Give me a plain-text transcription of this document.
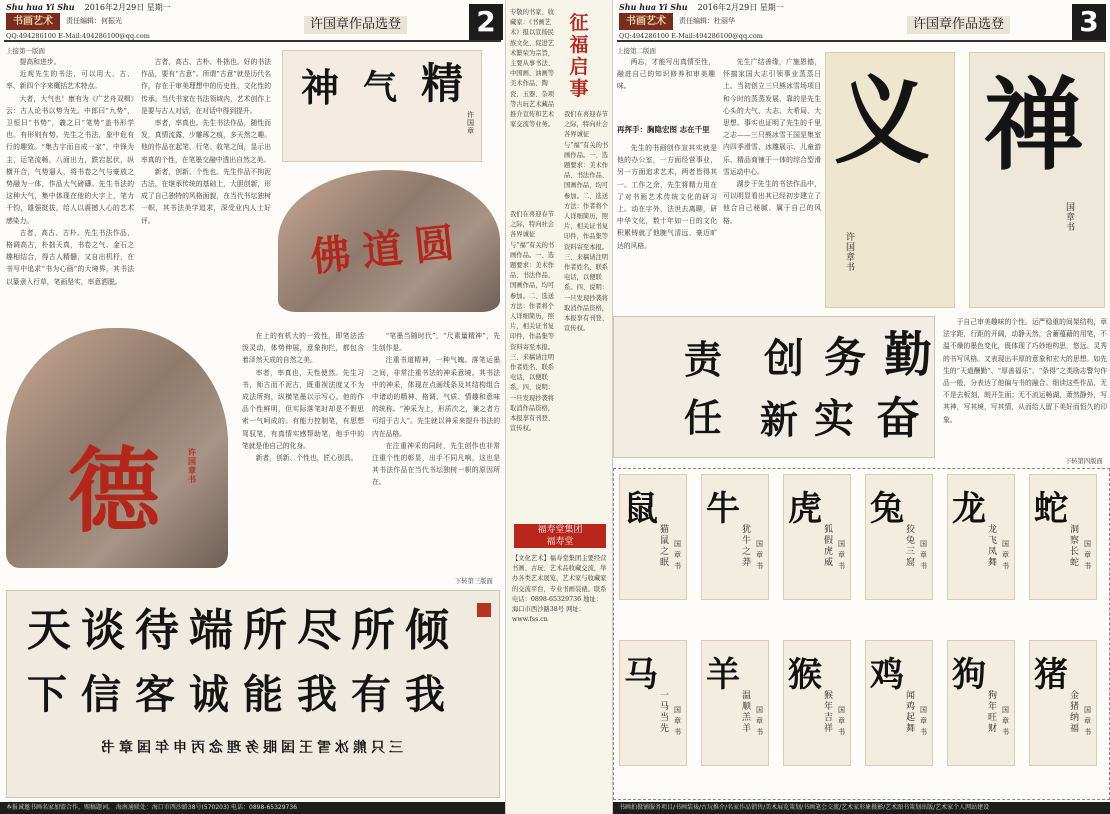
Shu hua Yi Shu 2016年2月29日 星期一
书画艺术	责任编辑：何振光
QQ:494286100 E-Mail:494286100@qq.com
许国章作品选登	2
上接第一版面

提高和进步。

近观先生的书法，可以用大、古、率、新四个字来概括艺术特点。

大者，大气也！康有为《广艺舟双楫》云：古人论书以势为先。中郎曰“九势”，卫恒曰“书势”，羲之曰“笔势”盖书形学也。有形则有势。先生之书法，象中危有行的趣致。“集古字而自成一家”，中锋为主，运笔流畅，八面出力，跌宕起伏、纵横开合，气势逼人，将书卷之气与豪放之势融为一体，作品大气磅礴。先生书法的这种大气，集中体现在他的大字上，笔力千钧，雄强挺拔，给人以震撼人心的艺术感染力。

古者，高古、古朴。先生书法作品，格调高古，朴拙天真，书卷之气、金石之趣相结合，得古人精髓，又自出机杼，在书写中追求“书为心画”的大境界，其书法以篆隶入行草，笔画坚实，率意洒脱。

古者，高古、古朴、朴拙也。好的书法作品，要有“古意”。所谓“古意”就是历代名作，存在于审美理想中的历史性、文化性的传承。当代书家在书法领域内，艺术创作上是要与古人对话，在对话中得到提升。

率者，率真也。先生书法作品，随性而发，真情流露，少雕琢之痕，多天然之趣。他的作品在起笔、行笔、收笔之间，显示出率真的个性，在笔墨交融中透出自然之美。

新者，创新、个性也。先生作品不拘泥古法，在继承传统的基础上，大胆创新，形成了自己独特的风格面貌，在当代书坛独树一帜，其书法美学追求，深受业内人士好评。

神 气 精
许国章
佛道圆
德	许国章书

在上的有机大的一致性，即笔法活泼灵动，体势伸展，意象拘拦，都包含着泽然天成的自然之美。

率者，率真也，天性使然。先生习书，师古而不泥古，既重视法度又不为成法所拘，纵横笔墨以示写心。他的作品个性鲜明，但实际落笔时却是不假思索一气呵成的。有能力控制笔，有思想驾驭笔，有真情实感帮助笔，他手中的笔就是他自己的化身。

新者，创新、个性也，匠心别具。

“笔墨当随时代”，“尺素量精神”，先生创作是。

注重书道精神，一种气魄。落笔运墨之间，非常注重书法的神采意境。其书法中的神采，体现在点画线条及其结构组合中诸动的精神、格调、气质、情趣和意味的统称。“神采为上，形质次之，兼之者方可绍于古人”。先生就以神采来提升书法的内在品格。

在注重神采的同时，先生创作也非常注重个性的彰显，出手不同凡响，这也是其书法作品在当代书坛独树一帜的原因所在。

下转第三版面
天谈待端所尽所倾
下信客诚能我有我
三只熊冰雪王国眼务理念丙申年国章书
本报诚邀书画名家加盟合作，赐稿题词。 海南通联处：海口市西沙路38号(570203) 电话：0898-65329736
专敬的书家、收藏家：《书画艺术》报以宣扬民族文化、促进艺术繁荣为宗旨，主要从事书法、中国画、油画等美术作品、陶瓷、玉器、杂项等古玩艺术藏品推介宣传和艺术家交流等业务。
征
福
启
事
我们在喜迎春节之际，特向社会各界诚征与“福”有关的书画作品。一、选题要求：美术作品、书法作品、国画作品，均可参加。二、选送方法：作者将个人详细简历，照片，相关证书复印件，作品集等资料寄至本报。三、来稿请注明作者姓名、联系电话，以便联系。四、说明：一旦发现抄袭将取消作品资格，本报享有刊登、宣传权。
我们在喜迎春节之际，特向社会各界诚征与“福”有关的书画作品。一、选题要求：美术作品、书法作品、国画作品，均可参加。二、选送方法：作者将个人详细简历，照片，相关证书复印件，作品集等资料寄至本报。三、来稿请注明作者姓名、联系电话，以便联系。四、说明：一旦发现抄袭将取消作品资格，本报享有刊登、宣传权。
福寿堂集团
福寿堂
【文化艺术】福寿堂集团主要经营书画、古玩、艺术品收藏交流，举办各类艺术展览，艺术家与收藏家的交流平台，专业书画装裱。联系电话：0898-65329736 地址：海口市西沙路38号 网址：www.fss.cn
Shu hua Yi Shu 2016年2月29日 星期一
书画艺术	责任编辑：杜丽华
QQ:494286100 E-Mail:494286100@qq.com
许国章作品选登	3
上接第二版面

两忘，才能写出真情至性，融进自己的知识修养和审美趣味。

再挥手：胸隐宏图 志在千里

先生的书画创作宣其实就是他的办公室，一方面经营事业，另一方面追求艺术，两者皆得其一。工作之余，先生将精力用在了对书画艺术传统文化的研习上。动在字外，法世去离聊，研中华文化，数十年如一日的文化积累铸就了他腕气清远、豪迈旷达的风格。

先生广结善缘，广施恩德，怀揣家国大志引领事业蒸蒸日上。当初创立三只熊冰雪场项目和今时的蒸蒸发展，靠的是先生心头的大气、大志、大希局、大思想。事实也证明了先生的千里之志——三只熊冰雪王国是集室内四季滑雪、冰雕展示、儿童游乐、精品商铺于一体的综合型滑雪运动中心。

湖步于先生的书法作品中，可以明显看出其已经初步建立了他合自己秘腻、属于自己的风格。

义
许国章书
禅
国章书
勤
务
创
责
奋
实
新
任

于自己审美趣味的个性。运严稳重的间架结构，章法字距，行距的开阔，动静天然，含蓄蕴藉的用笔，不温不燥的墨色变化，既体现了巧妙地构思，悠远、灵秀的书写风格。又表现出丰厚的意象和宏大的思想。如先生的“天道酬勤”、“厚善福乐”、“条得”之类励志警句作品一般，分表达了他偏与书的融合。细读这些作品，无不是去板刻，朗开生面；无不流运畅湖，萧然静外，写其神，写其境，写其情，从而给人留下美好而恒久的印象。

下转第四版面
鼠
猫鼠之眠
国章书
牛
犹牛之莽
国章书
虎
狐假虎威
国章书
兔
狡兔三窟
国章书
龙
龙飞凤舞
国章书
蛇
洞察长蛇
国章书
马
一马当先
国章书
羊
温顺羔羊
国章书
猴
猴年吉祥
国章书
鸡
闻鸡起舞
国章书
狗
狗年旺财
国章书
猪
金猪纳福
国章书
书画拍摄铺服务项目/书画装裱/古玩推介/名家作品销售/美术展览策划/书画笔会交流/艺术家形象摄影/艺术图书策划出版/艺术家个人网站建设
